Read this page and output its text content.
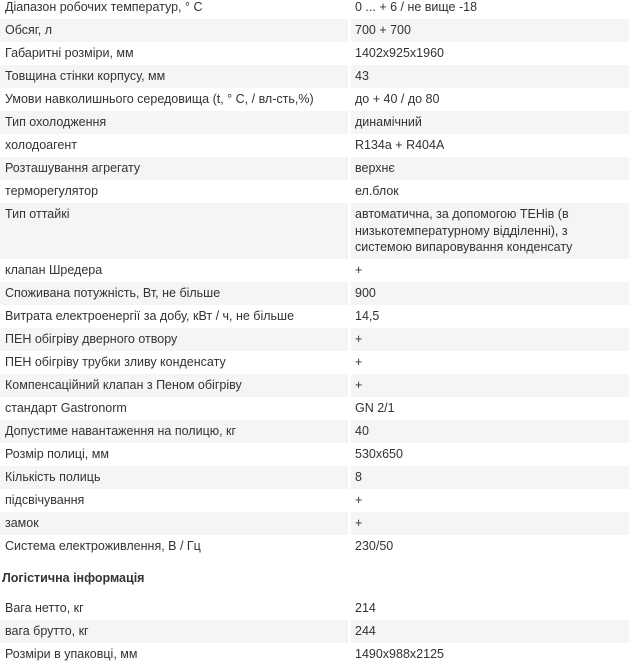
Діапазон робочих температур, ° С	0 ... + 6 / не вище -18
Обсяг, л	700 + 700
Габаритні розміри, мм	1402x925x1960
Товщина стінки корпусу, мм	43
Умови навколишнього середовища (t, ° C, / вл-сть,%)	до + 40 / до 80
Тип охолодження	динамічний
холодоагент	R134a + R404A
Розташування агрегату	верхнє
терморегулятор	ел.блок
Тип оттайкі	автоматична, за допомогою ТЕНів (в низькотемпературному відділенні), з системою випаровування конденсату
клапан Шредера	+
Споживана потужність, Вт, не більше	900
Витрата електроенергії за добу, кВт / ч, не більше	14,5
ПЕН обігріву дверного отвору	+
ПЕН обігріву трубки зливу конденсату	+
Компенсаційний клапан з Пеном обігріву	+
стандарт Gastronorm	GN 2/1
Допустиме навантаження на полицю, кг	40
Розмір полиці, мм	530x650
Кількість полиць	8
підсвічування	+
замок	+
Система електроживлення, В / Гц	230/50
Логістична інформація
Вага нетто, кг	214
вага брутто, кг	244
Розміри в упаковці, мм	1490x988x2125
